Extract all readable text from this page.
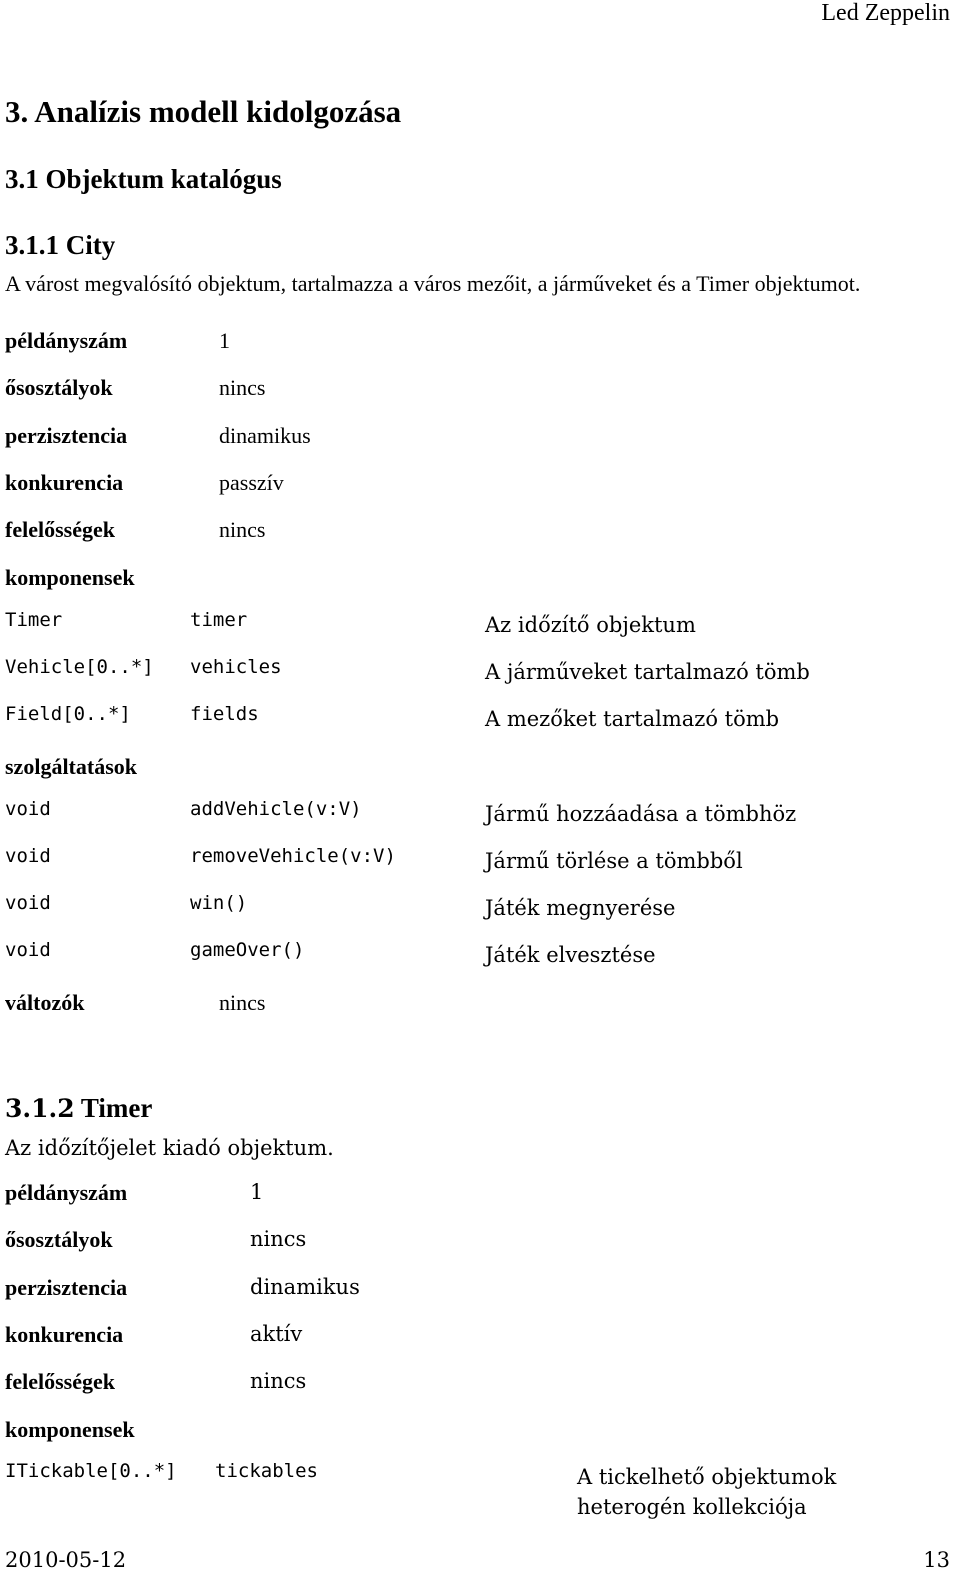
Led Zeppelin
3. Analízis modell kidolgozása
3.1 Objektum katalógus
3.1.1 City
A várost megvalósító objektum, tartalmazza a város mezőit, a járműveket és a Timer objektumot.
példányszám	1
ősosztályok	nincs
perzisztencia	dinamikus
konkurencia	passzív
felelősségek	nincs
komponensek
Timer	timer	Az időzítő objektum
Vehicle[0..*] vehicles	A járműveket tartalmazó tömb
Field[0..*]	fields	A mezőket tartalmazó tömb
szolgáltatások
void	addVehicle(v:V)	Jármű hozzáadása a tömbhöz
void	removeVehicle(v:V)	Jármű törlése a tömbből
void	win()	Játék megnyerése
void	gameOver()	Játék elvesztése
változók	nincs
3.1.2 Timer
Az időzítőjelet kiadó objektum.
példányszám	1
ősosztályok	nincs
perzisztencia	dinamikus
konkurencia	aktív
felelősségek	nincs
komponensek
ITickable[0..*] tickables	A tickelhető objektumok heterogén kollekciója
2010-05-12	13
